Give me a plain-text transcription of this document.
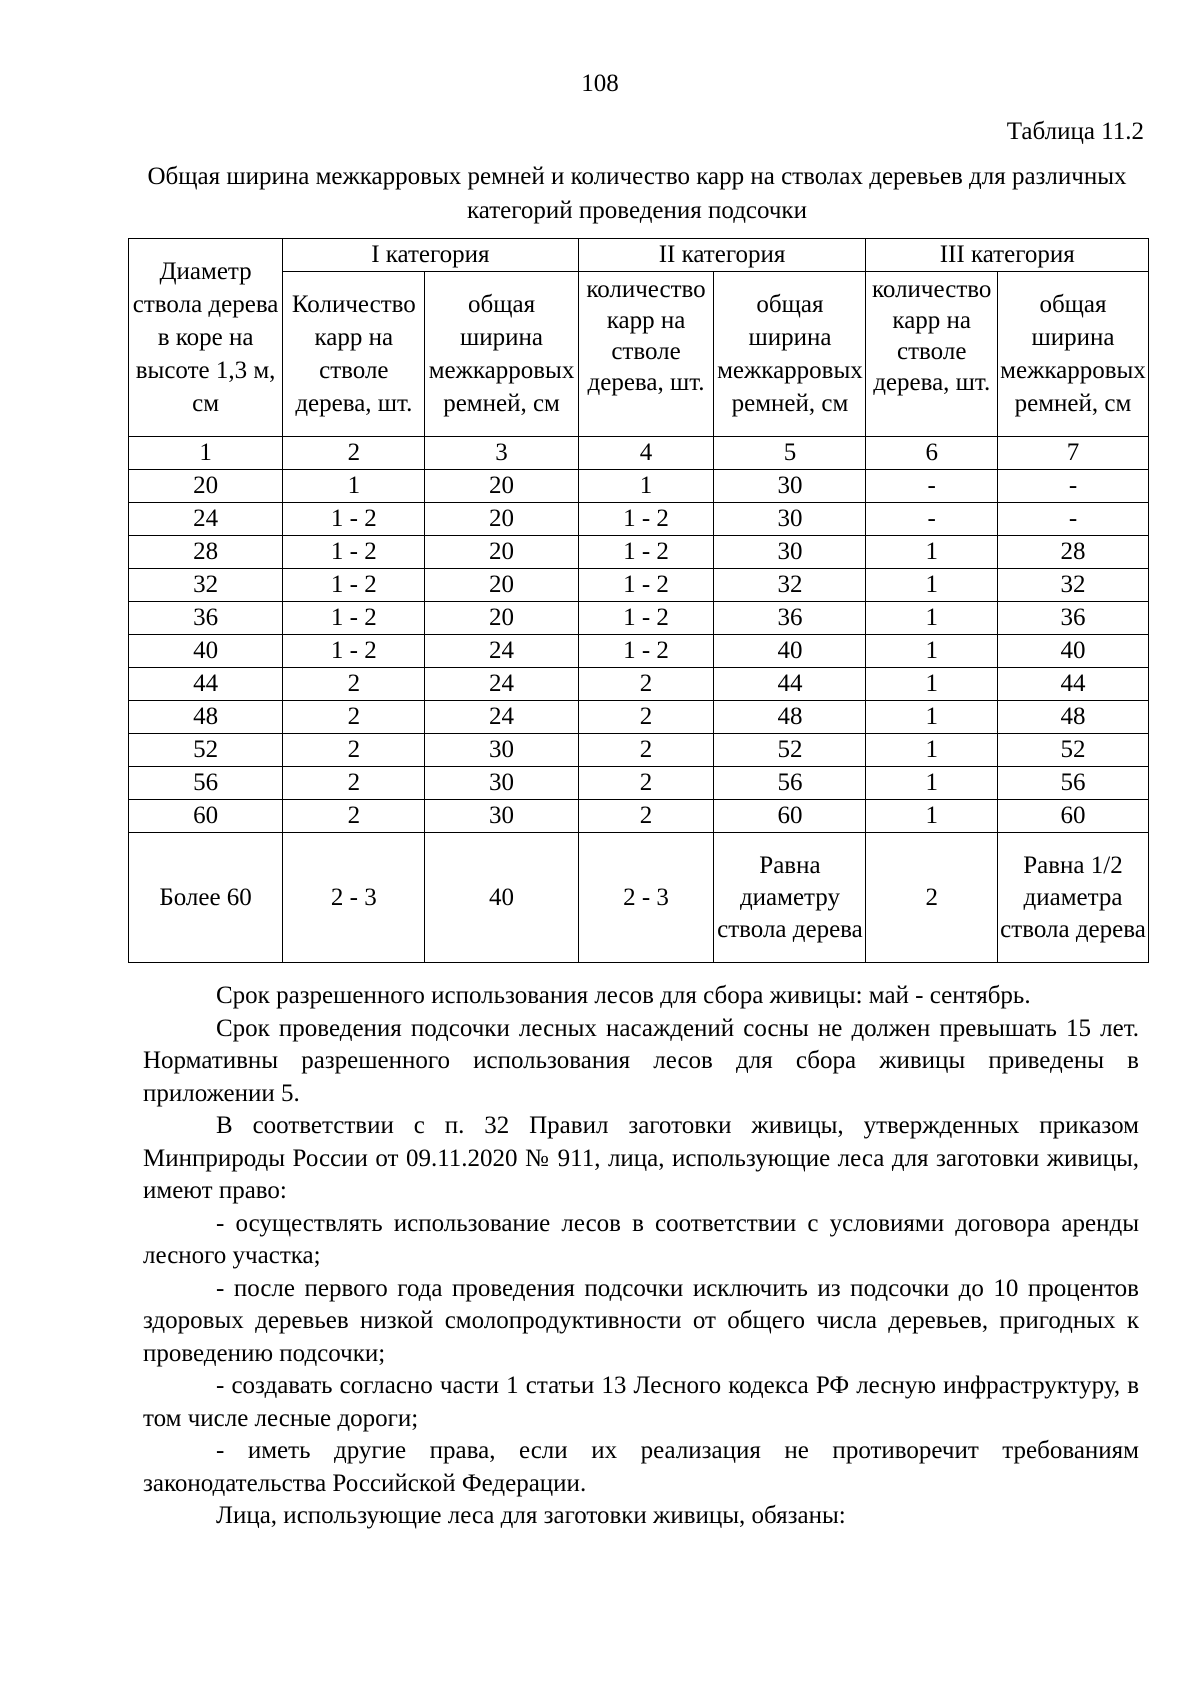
108
Таблица 11.2
Общая ширина межкарровых ремней и количество карр на стволах деревьев для различных категорий проведения подсочки
Диаметр ствола дерева в коре на высоте 1,3 м, см	I категория		II категория		III категория	
	Количество карр на стволе дерева, шт.	общая ширина межкарровых ремней, см	количество карр на стволе дерева, шт.	общая ширина межкарровых ремней, см	количество карр на стволе дерева, шт.	общая ширина межкарровых ремней, см
1	2	3	4	5	6	7
20	1	20	1	30	-	-
24	1 - 2	20	1 - 2	30	-	-
28	1 - 2	20	1 - 2	30	1	28
32	1 - 2	20	1 - 2	32	1	32
36	1 - 2	20	1 - 2	36	1	36
40	1 - 2	24	1 - 2	40	1	40
44	2	24	2	44	1	44
48	2	24	2	48	1	48
52	2	30	2	52	1	52
56	2	30	2	56	1	56
60	2	30	2	60	1	60
Более 60	2 - 3	40	2 - 3	Равна диаметру ствола дерева	2	Равна 1/2 диаметра ствола дерева

Срок разрешенного использования лесов для сбора живицы: май - сентябрь.

Срок проведения подсочки лесных насаждений сосны не должен превышать 15 лет. Нормативны разрешенного использования лесов для сбора живицы приведены в приложении 5.

В соответствии с п. 32 Правил заготовки живицы, утвержденных приказом Минприроды России от 09.11.2020 № 911, лица, использующие леса для заготовки живицы, имеют право:

- осуществлять использование лесов в соответствии с условиями договора аренды лесного участка;

- после первого года проведения подсочки исключить из подсочки до 10 процентов здоровых деревьев низкой смолопродуктивности от общего числа деревьев, пригодных к проведению подсочки;

- создавать согласно части 1 статьи 13 Лесного кодекса РФ лесную инфраструктуру, в том числе лесные дороги;

- иметь другие права, если их реализация не противоречит требованиям законодательства Российской Федерации.

Лица, использующие леса для заготовки живицы, обязаны:
